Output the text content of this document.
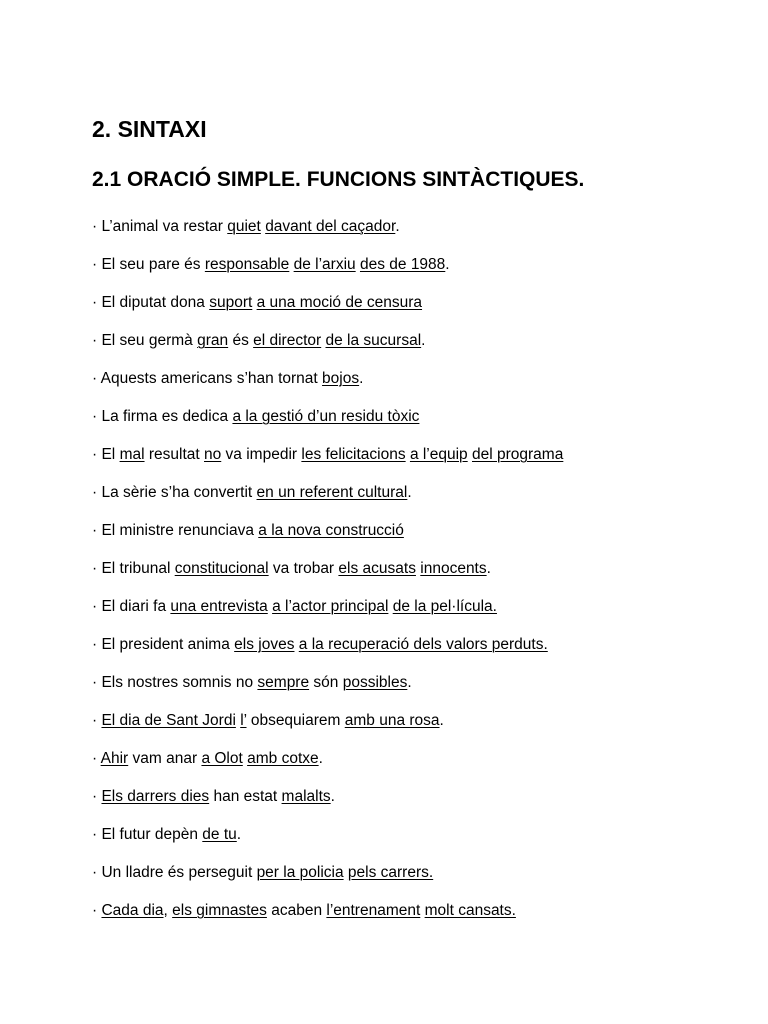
2. SINTAXI
2.1 ORACIÓ SIMPLE. FUNCIONS SINTÀCTIQUES.
· L’animal va restar quiet davant del caçador.
· El seu pare és responsable de l’arxiu des de 1988.
· El diputat dona suport a una moció de censura
· El seu germà gran és el director de la sucursal.
· Aquests americans s’han tornat bojos.
· La firma es dedica a la gestió d’un residu tòxic
· El mal resultat no va impedir les felicitacions a l’equip del programa
· La sèrie s’ha convertit en un referent cultural.
· El ministre renunciava a la nova construcció
· El tribunal constitucional va trobar els acusats innocents.
· El diari fa una entrevista a l’actor principal de la pel·lícula.
· El president anima els joves a la recuperació dels valors perduts.
· Els nostres somnis no sempre són possibles.
· El dia de Sant Jordi l’ obsequiarem amb una rosa.
· Ahir vam anar a Olot amb cotxe.
· Els darrers dies han estat malalts.
· El futur depèn de tu.
· Un lladre és perseguit per la policia pels carrers.
· Cada dia, els gimnastes acaben l’entrenament molt cansats.
